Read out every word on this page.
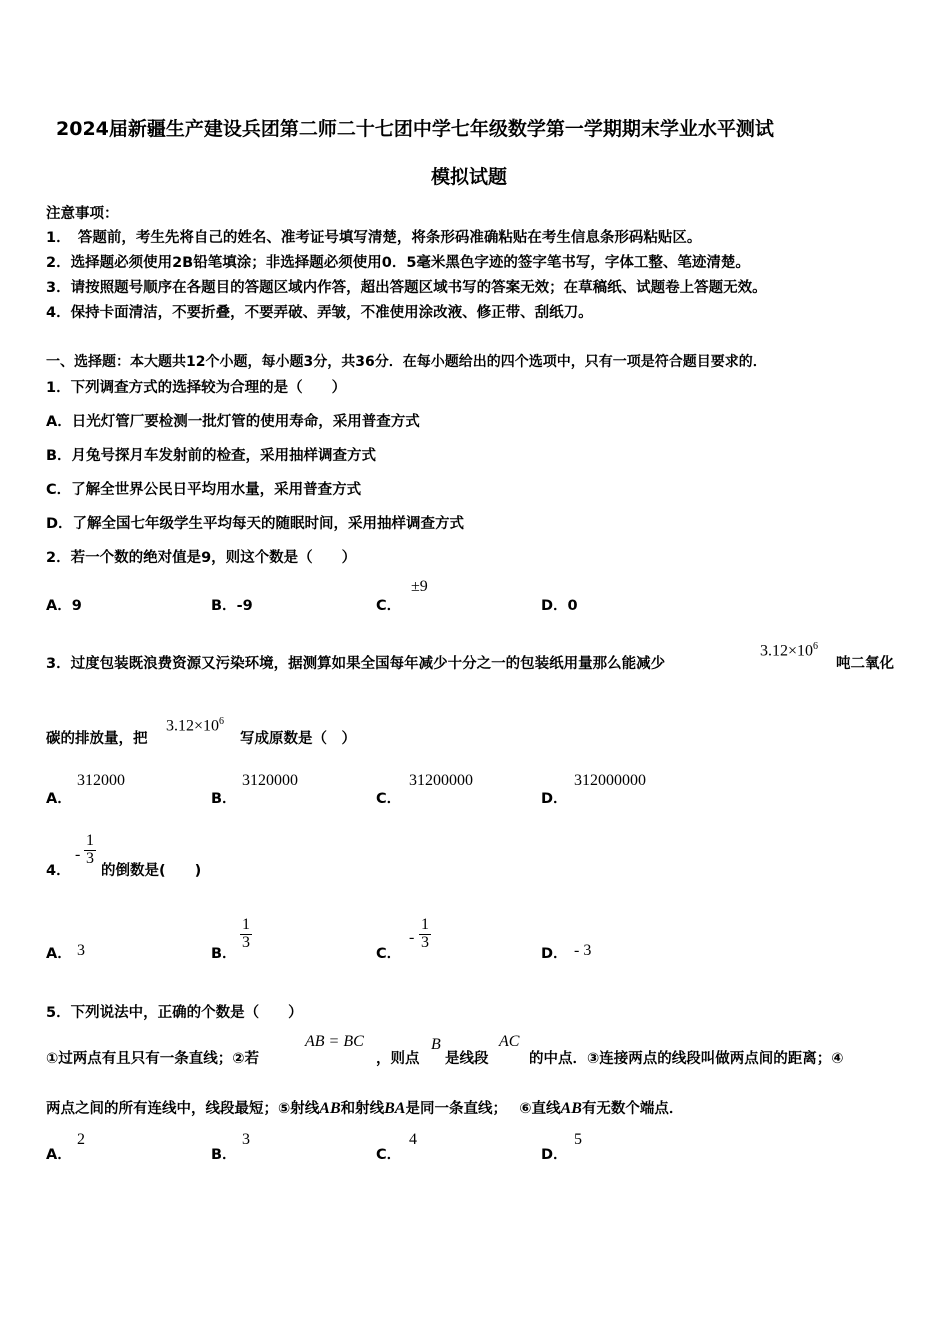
2024届新疆生产建设兵团第二师二十七团中学七年级数学第一学期期末学业水平测试
模拟试题
注意事项：
1．　答题前，考生先将自己的姓名、准考证号填写清楚，将条形码准确粘贴在考生信息条形码粘贴区。
2．选择题必须使用2B铅笔填涂；非选择题必须使用0．5毫米黑色字迹的签字笔书写，字体工整、笔迹清楚。
3．请按照题号顺序在各题目的答题区域内作答，超出答题区域书写的答案无效；在草稿纸、试题卷上答题无效。
4．保持卡面清洁，不要折叠，不要弄破、弄皱，不准使用涂改液、修正带、刮纸刀。
一、选择题：本大题共12个小题，每小题3分，共36分．在每小题给出的四个选项中，只有一项是符合题目要求的．
1．下列调查方式的选择较为合理的是（　　）
A．日光灯管厂要检测一批灯管的使用寿命，采用普查方式
B．月兔号探月车发射前的检查，采用抽样调查方式
C．了解全世界公民日平均用水量，采用普查方式
D．了解全国七年级学生平均每天的随眠时间，采用抽样调查方式
2．若一个数的绝对值是9，则这个数是（　　）
A．9	B．-9	C．
±9
D．0
3．过度包装既浪费资源又污染环境，据测算如果全国每年减少十分之一的包装纸用量那么能减少
$3.12\times 10^6$
吨二氧化
碳的排放量，把
$3.12\times 10^6$
写成原数是（　）
A．
312000
B．
3120000
C．
31200000
D．
312000000
4．
- $\frac{1}{3}$
的倒数是(　　)
A． 3	B．
$\frac{1}{3}$
C．
- $\frac{1}{3}$
D． - 3
5．下列说法中，正确的个数是（　　）
①过两点有且只有一条直线；②若
AB = BC
，则点
B
是线段
AC
的中点．③连接两点的线段叫做两点间的距离；④
两点之间的所有连线中，线段最短；⑤射线AB和射线BA是同一条直线；　 ⑥直线AB有无数个端点．
A．
2
B．
3
C．
4
D．
5
